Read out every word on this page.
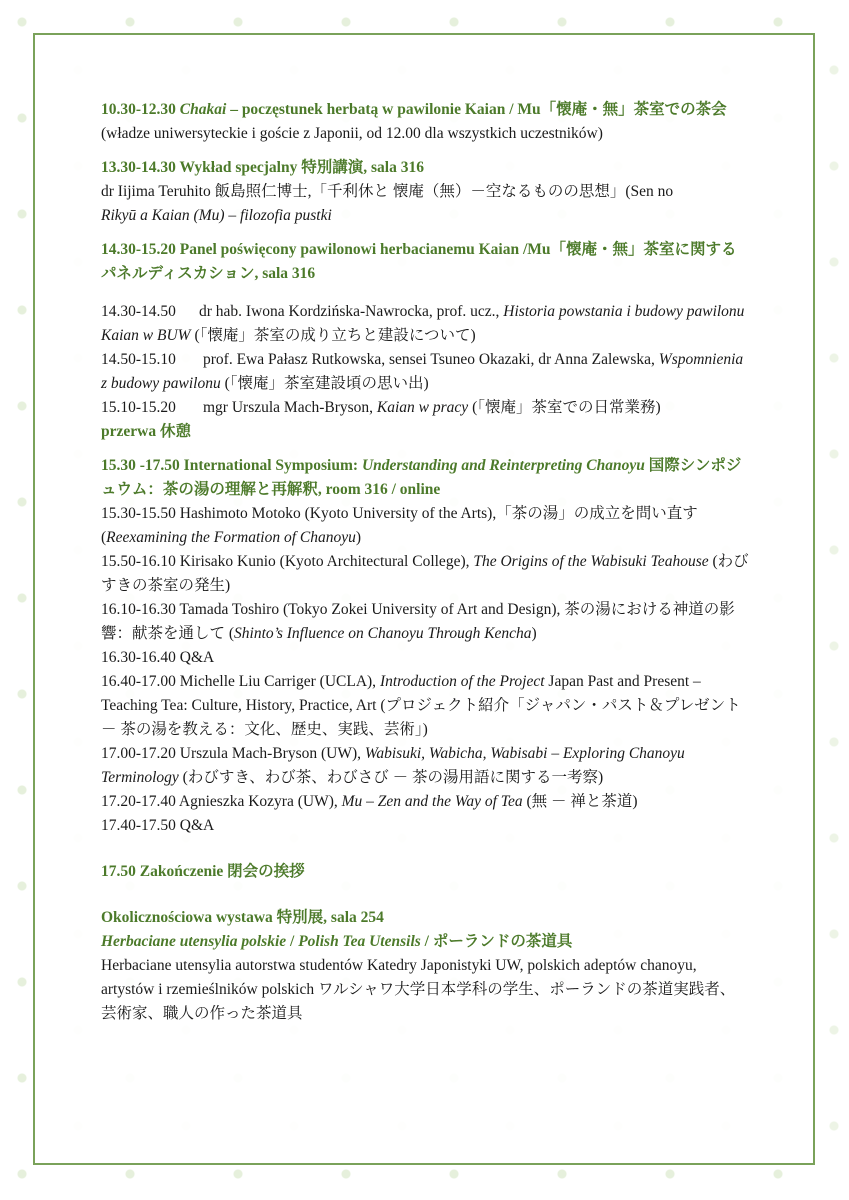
10.30-12.30 Chakai – poczęstunek herbatą w pawilonie Kaian / Mu「懐庵・無」茶室での茶会 (władze uniwersyteckie i goście z Japonii, od 12.00 dla wszystkich uczestników)

13.30-14.30 Wykład specjalny 特別講演, sala 316

dr Iijima Teruhito 飯島照仁博士,「千利休と 懐庵（無）－空なるものの思想」(Sen no
Rikyū a Kaian (Mu) – filozofia pustki

14.30-15.20 Panel poświęcony pawilonowi herbacianemu Kaian /Mu「懐庵・無」茶室に関するパネルディスカション, sala 316

14.30-14.50 dr hab. Iwona Kordzińska-Nawrocka, prof. ucz., Historia powstania i budowy pawilonu Kaian w BUW (「懐庵」茶室の成り立ちと建設について)

14.50-15.10 prof. Ewa Pałasz Rutkowska, sensei Tsuneo Okazaki, dr Anna Zalewska, Wspomnienia z budowy pawilonu (「懐庵」茶室建設頃の思い出)

15.10-15.20 mgr Urszula Mach-Bryson, Kaian w pracy (「懐庵」茶室での日常業務)

przerwa 休憩

15.30 -17.50 International Symposium: Understanding and Reinterpreting Chanoyu 国際シンポジュウム：茶の湯の理解と再解釈, room 316 / online

15.30-15.50 Hashimoto Motoko (Kyoto University of the Arts),「茶の湯」の成立を問い直す (Reexamining the Formation of Chanoyu)

15.50-16.10 Kirisako Kunio (Kyoto Architectural College), The Origins of the Wabisuki Teahouse (わびすきの茶室の発生)

16.10-16.30 Tamada Toshiro (Tokyo Zokei University of Art and Design), 茶の湯における神道の影響：献茶を通して (Shinto’s Influence on Chanoyu Through Kencha)

16.30-16.40 Q&A

16.40-17.00 Michelle Liu Carriger (UCLA), Introduction of the Project Japan Past and Present – Teaching Tea: Culture, History, Practice, Art (プロジェクト紹介「ジャパン・パスト＆プレゼント － 茶の湯を教える：文化、歴史、実践、芸術」)

17.00-17.20 Urszula Mach-Bryson (UW), Wabisuki, Wabicha, Wabisabi – Exploring Chanoyu Terminology (わびすき、わび茶、わびさび － 茶の湯用語に関する一考察)

17.20-17.40 Agnieszka Kozyra (UW), Mu – Zen and the Way of Tea (無 － 禅と茶道)

17.40-17.50 Q&A

17.50 Zakończenie 閉会の挨拶

Okolicznościowa wystawa 特別展, sala 254

Herbaciane utensylia polskie / Polish Tea Utensils / ポーランドの茶道具

Herbaciane utensylia autorstwa studentów Katedry Japonistyki UW, polskich adeptów chanoyu, artystów i rzemieślników polskich ワルシャワ大学日本学科の学生、ポーランドの茶道実践者、芸術家、職人の作った茶道具
